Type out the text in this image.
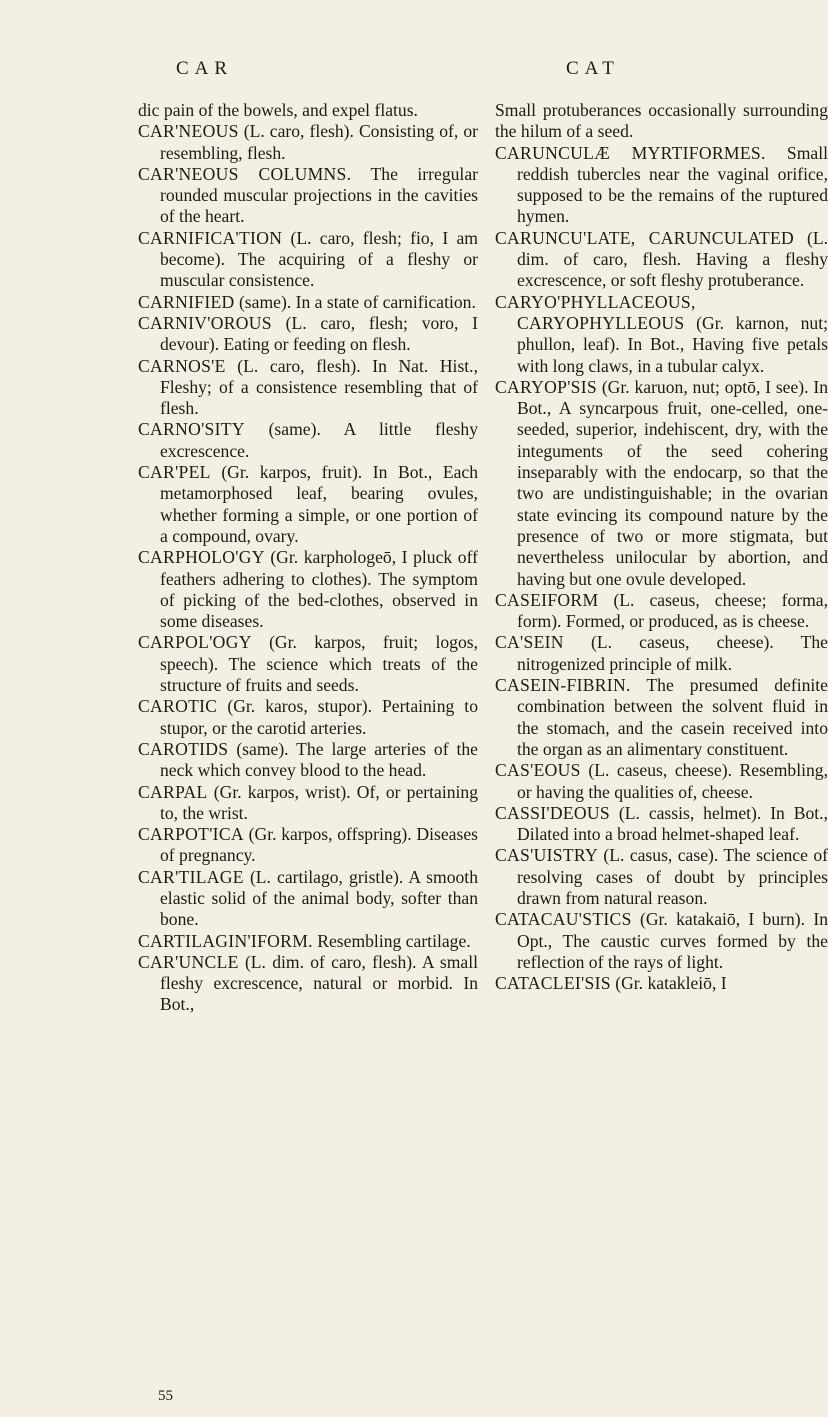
CAR	CAT

dic pain of the bowels, and expel flatus.

CAR'NEOUS (L. caro, flesh). Consisting of, or resembling, flesh.

CAR'NEOUS COLUMNS. The irregular rounded muscular projections in the cavities of the heart.

CARNIFICA'TION (L. caro, flesh; fio, I am become). The acquiring of a fleshy or muscular consistence.

CARNIFIED (same). In a state of carnification.

CARNIV'OROUS (L. caro, flesh; voro, I devour). Eating or feeding on flesh.

CARNOS'E (L. caro, flesh). In Nat. Hist., Fleshy; of a consistence resembling that of flesh.

CARNO'SITY (same). A little fleshy excrescence.

CAR'PEL (Gr. karpos, fruit). In Bot., Each metamorphosed leaf, bearing ovules, whether forming a simple, or one portion of a compound, ovary.

CARPHOLO'GY (Gr. karphologeō, I pluck off feathers adhering to clothes). The symptom of picking of the bed-clothes, observed in some diseases.

CARPOL'OGY (Gr. karpos, fruit; logos, speech). The science which treats of the structure of fruits and seeds.

CAROTIC (Gr. karos, stupor). Pertaining to stupor, or the carotid arteries.

CAROTIDS (same). The large arteries of the neck which convey blood to the head.

CARPAL (Gr. karpos, wrist). Of, or pertaining to, the wrist.

CARPOT'ICA (Gr. karpos, offspring). Diseases of pregnancy.

CAR'TILAGE (L. cartilago, gristle). A smooth elastic solid of the animal body, softer than bone.

CARTILAGIN'IFORM. Resembling cartilage.

CAR'UNCLE (L. dim. of caro, flesh). A small fleshy excrescence, natural or morbid. In Bot.,

Small protuberances occasionally surrounding the hilum of a seed.

CARUNCULÆ MYRTIFORMES. Small reddish tubercles near the vaginal orifice, supposed to be the remains of the ruptured hymen.

CARUNCU'LATE, CARUNCULATED (L. dim. of caro, flesh. Having a fleshy excrescence, or soft fleshy protuberance.

CARYO'PHYLLACEOUS, CARYOPHYLLEOUS (Gr. karnon, nut; phullon, leaf). In Bot., Having five petals with long claws, in a tubular calyx.

CARYOP'SIS (Gr. karuon, nut; optō, I see). In Bot., A syncarpous fruit, one-celled, one-seeded, superior, indehiscent, dry, with the integuments of the seed cohering inseparably with the endocarp, so that the two are undistinguishable; in the ovarian state evincing its compound nature by the presence of two or more stigmata, but nevertheless unilocular by abortion, and having but one ovule developed.

CASEIFORM (L. caseus, cheese; forma, form). Formed, or produced, as is cheese.

CA'SEIN (L. caseus, cheese). The nitrogenized principle of milk.

CASEIN-FIBRIN. The presumed definite combination between the solvent fluid in the stomach, and the casein received into the organ as an alimentary constituent.

CAS'EOUS (L. caseus, cheese). Resembling, or having the qualities of, cheese.

CASSI'DEOUS (L. cassis, helmet). In Bot., Dilated into a broad helmet-shaped leaf.

CAS'UISTRY (L. casus, case). The science of resolving cases of doubt by principles drawn from natural reason.

CATACAU'STICS (Gr. katakaiō, I burn). In Opt., The caustic curves formed by the reflection of the rays of light.

CATACLEI'SIS (Gr. katakleiō, I

55
